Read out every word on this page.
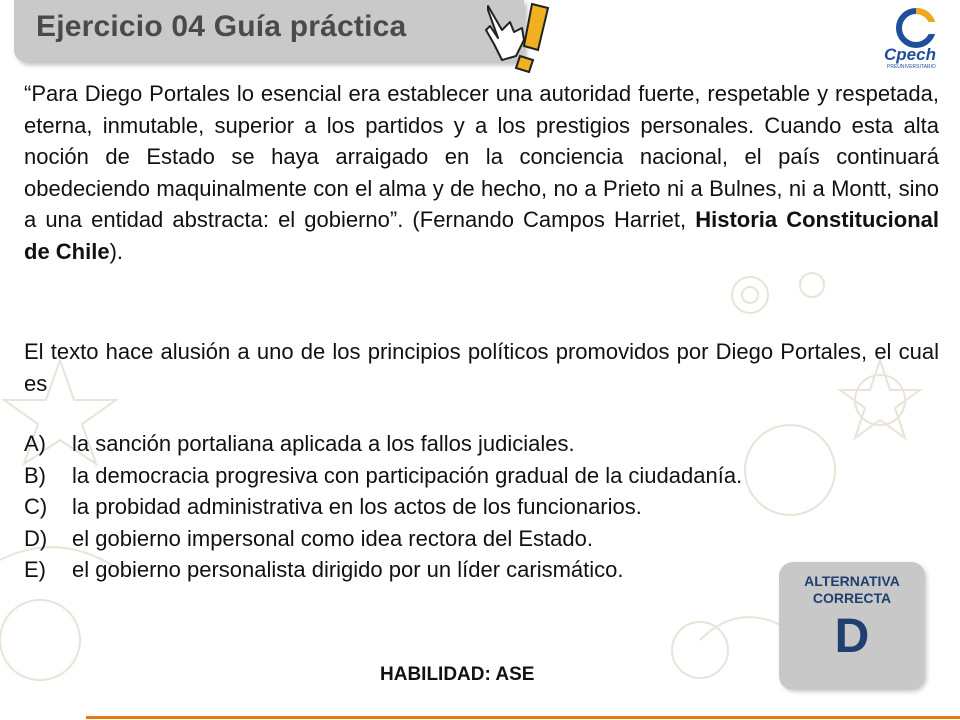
Ejercicio 04 Guía práctica
Cpech
PREUNIVERSITARIO
“Para Diego Portales lo esencial era establecer una autoridad fuerte, respetable y respetada, eterna, inmutable, superior a los partidos y a los prestigios personales. Cuando esta alta noción de Estado se haya arraigado en la conciencia nacional, el país continuará obedeciendo maquinalmente con el alma y de hecho, no a Prieto ni a Bulnes, ni a Montt, sino a una entidad abstracta: el gobierno”. (Fernando Campos Harriet, Historia Constitucional de Chile).
El texto hace alusión a uno de los principios políticos promovidos por Diego Portales, el cual es
A)	la sanción portaliana aplicada a los fallos judiciales.
B)	la democracia progresiva con participación gradual de la ciudadanía.
C)	la probidad administrativa en los actos de los funcionarios.
D)	el gobierno impersonal como idea rectora del Estado.
E)	el gobierno personalista dirigido por un líder carismático.	ALTERNATIVA
CORRECTA
D
HABILIDAD: ASE
